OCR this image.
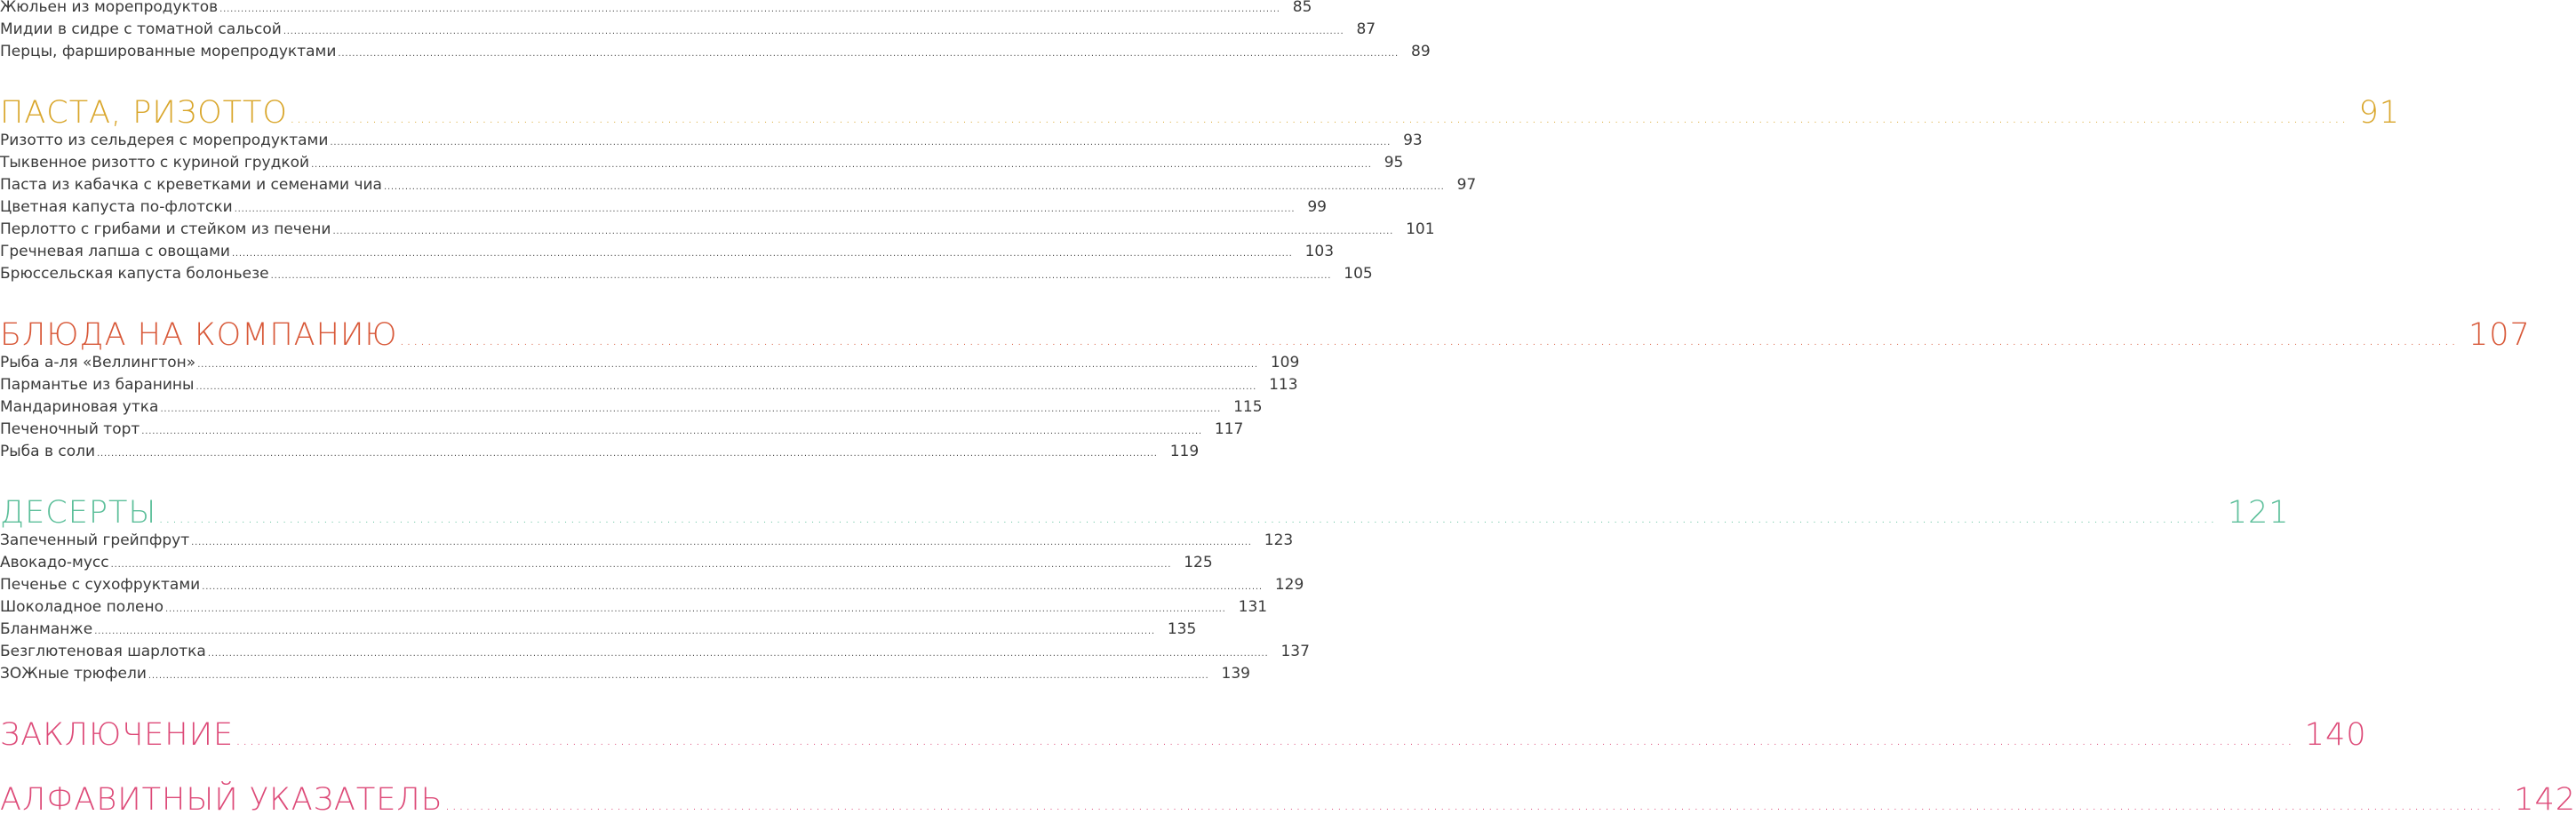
Жюльен из морепродуктов ............................................................................................................................................................................................................................................................................................................ 85
Мидии в сидре с томатной сальсой ............................................................................................................................................................................................................................................................................................................ 87
Перцы, фаршированные морепродуктами ............................................................................................................................................................................................................................................................................................................ 89
ПАСТА, РИЗОТТО ............................................................................................................................................................................................................................................................................................................ 91
Ризотто из сельдерея с морепродуктами ............................................................................................................................................................................................................................................................................................................ 93
Тыквенное ризотто с куриной грудкой ............................................................................................................................................................................................................................................................................................................ 95
Паста из кабачка с креветками и семенами чиа ............................................................................................................................................................................................................................................................................................................ 97
Цветная капуста по-флотски ............................................................................................................................................................................................................................................................................................................ 99
Перлотто с грибами и стейком из печени ............................................................................................................................................................................................................................................................................................................ 101
Гречневая лапша с овощами ............................................................................................................................................................................................................................................................................................................ 103
Брюссельская капуста болоньезе ............................................................................................................................................................................................................................................................................................................ 105
БЛЮДА НА КОМПАНИЮ ............................................................................................................................................................................................................................................................................................................ 107
Рыба а-ля «Веллингтон» ............................................................................................................................................................................................................................................................................................................ 109
Пармантье из баранины ............................................................................................................................................................................................................................................................................................................ 113
Мандариновая утка ............................................................................................................................................................................................................................................................................................................ 115
Печеночный торт ............................................................................................................................................................................................................................................................................................................ 117
Рыба в соли ............................................................................................................................................................................................................................................................................................................ 119
ДЕСЕРТЫ ............................................................................................................................................................................................................................................................................................................ 121
Запеченный грейпфрут ............................................................................................................................................................................................................................................................................................................ 123
Авокадо-мусс ............................................................................................................................................................................................................................................................................................................ 125
Печенье с сухофруктами ............................................................................................................................................................................................................................................................................................................ 129
Шоколадное полено ............................................................................................................................................................................................................................................................................................................ 131
Бланманже ............................................................................................................................................................................................................................................................................................................ 135
Безглютеновая шарлотка ............................................................................................................................................................................................................................................................................................................ 137
ЗОЖные трюфели ............................................................................................................................................................................................................................................................................................................ 139
ЗАКЛЮЧЕНИЕ ............................................................................................................................................................................................................................................................................................................ 140
АЛФАВИТНЫЙ УКАЗАТЕЛЬ ............................................................................................................................................................................................................................................................................................................ 142
